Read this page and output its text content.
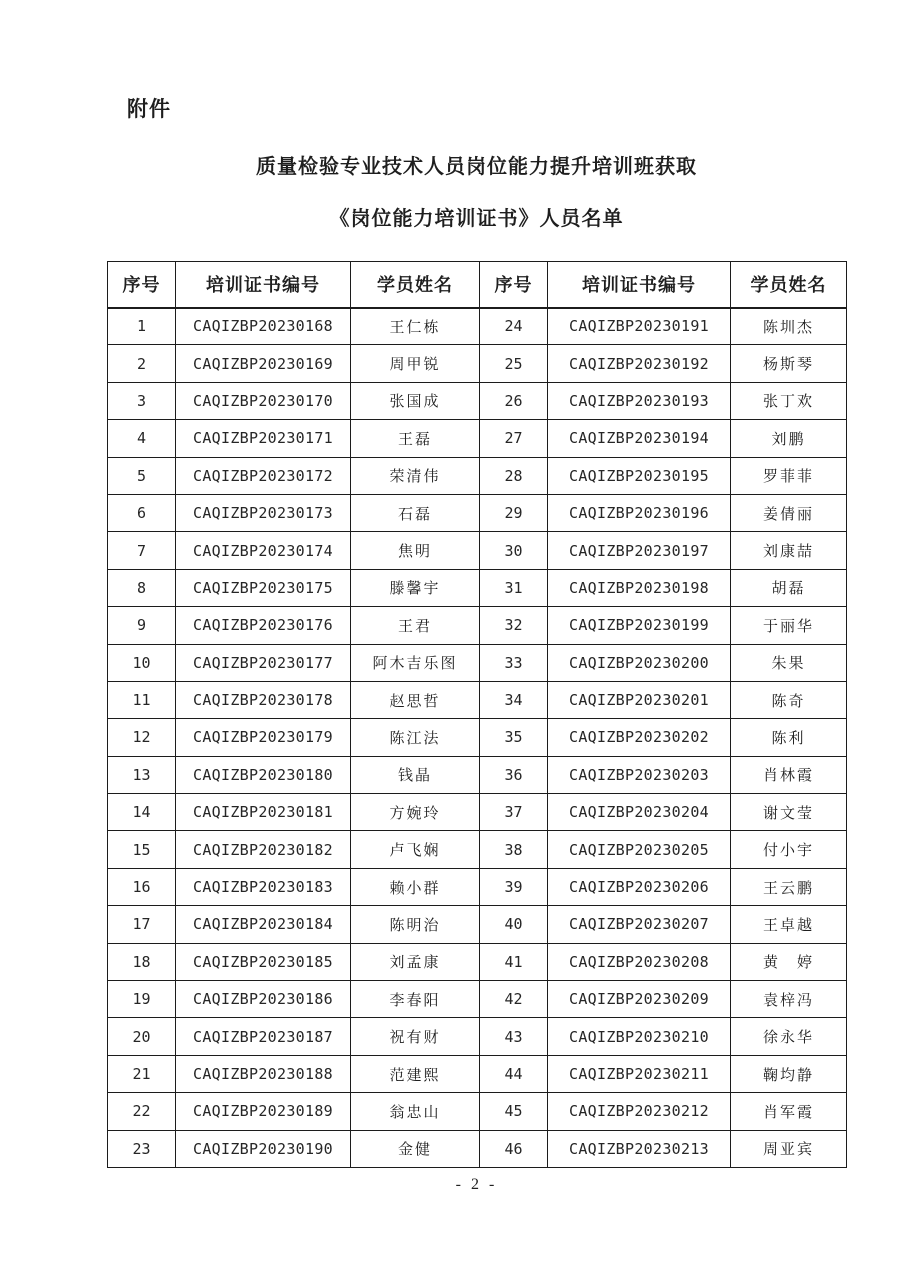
附件
质量检验专业技术人员岗位能力提升培训班获取
《岗位能力培训证书》人员名单
序号	培训证书编号	学员姓名	序号	培训证书编号	学员姓名
1	CAQIZBP20230168	王仁栋	24	CAQIZBP20230191	陈圳杰
2	CAQIZBP20230169	周甲锐	25	CAQIZBP20230192	杨斯琴
3	CAQIZBP20230170	张国成	26	CAQIZBP20230193	张丁欢
4	CAQIZBP20230171	王磊	27	CAQIZBP20230194	刘鹏
5	CAQIZBP20230172	荣清伟	28	CAQIZBP20230195	罗菲菲
6	CAQIZBP20230173	石磊	29	CAQIZBP20230196	姜倩丽
7	CAQIZBP20230174	焦明	30	CAQIZBP20230197	刘康喆
8	CAQIZBP20230175	滕馨宇	31	CAQIZBP20230198	胡磊
9	CAQIZBP20230176	王君	32	CAQIZBP20230199	于丽华
10	CAQIZBP20230177	阿木吉乐图	33	CAQIZBP20230200	朱果
11	CAQIZBP20230178	赵思哲	34	CAQIZBP20230201	陈奇
12	CAQIZBP20230179	陈江法	35	CAQIZBP20230202	陈利
13	CAQIZBP20230180	钱晶	36	CAQIZBP20230203	肖林霞
14	CAQIZBP20230181	方婉玲	37	CAQIZBP20230204	谢文莹
15	CAQIZBP20230182	卢飞娴	38	CAQIZBP20230205	付小宇
16	CAQIZBP20230183	赖小群	39	CAQIZBP20230206	王云鹏
17	CAQIZBP20230184	陈明治	40	CAQIZBP20230207	王卓越
18	CAQIZBP20230185	刘孟康	41	CAQIZBP20230208	黄　婷
19	CAQIZBP20230186	李春阳	42	CAQIZBP20230209	袁梓冯
20	CAQIZBP20230187	祝有财	43	CAQIZBP20230210	徐永华
21	CAQIZBP20230188	范建熙	44	CAQIZBP20230211	鞠均静
22	CAQIZBP20230189	翁忠山	45	CAQIZBP20230212	肖军霞
23	CAQIZBP20230190	金健	46	CAQIZBP20230213	周亚宾
- 2 -
